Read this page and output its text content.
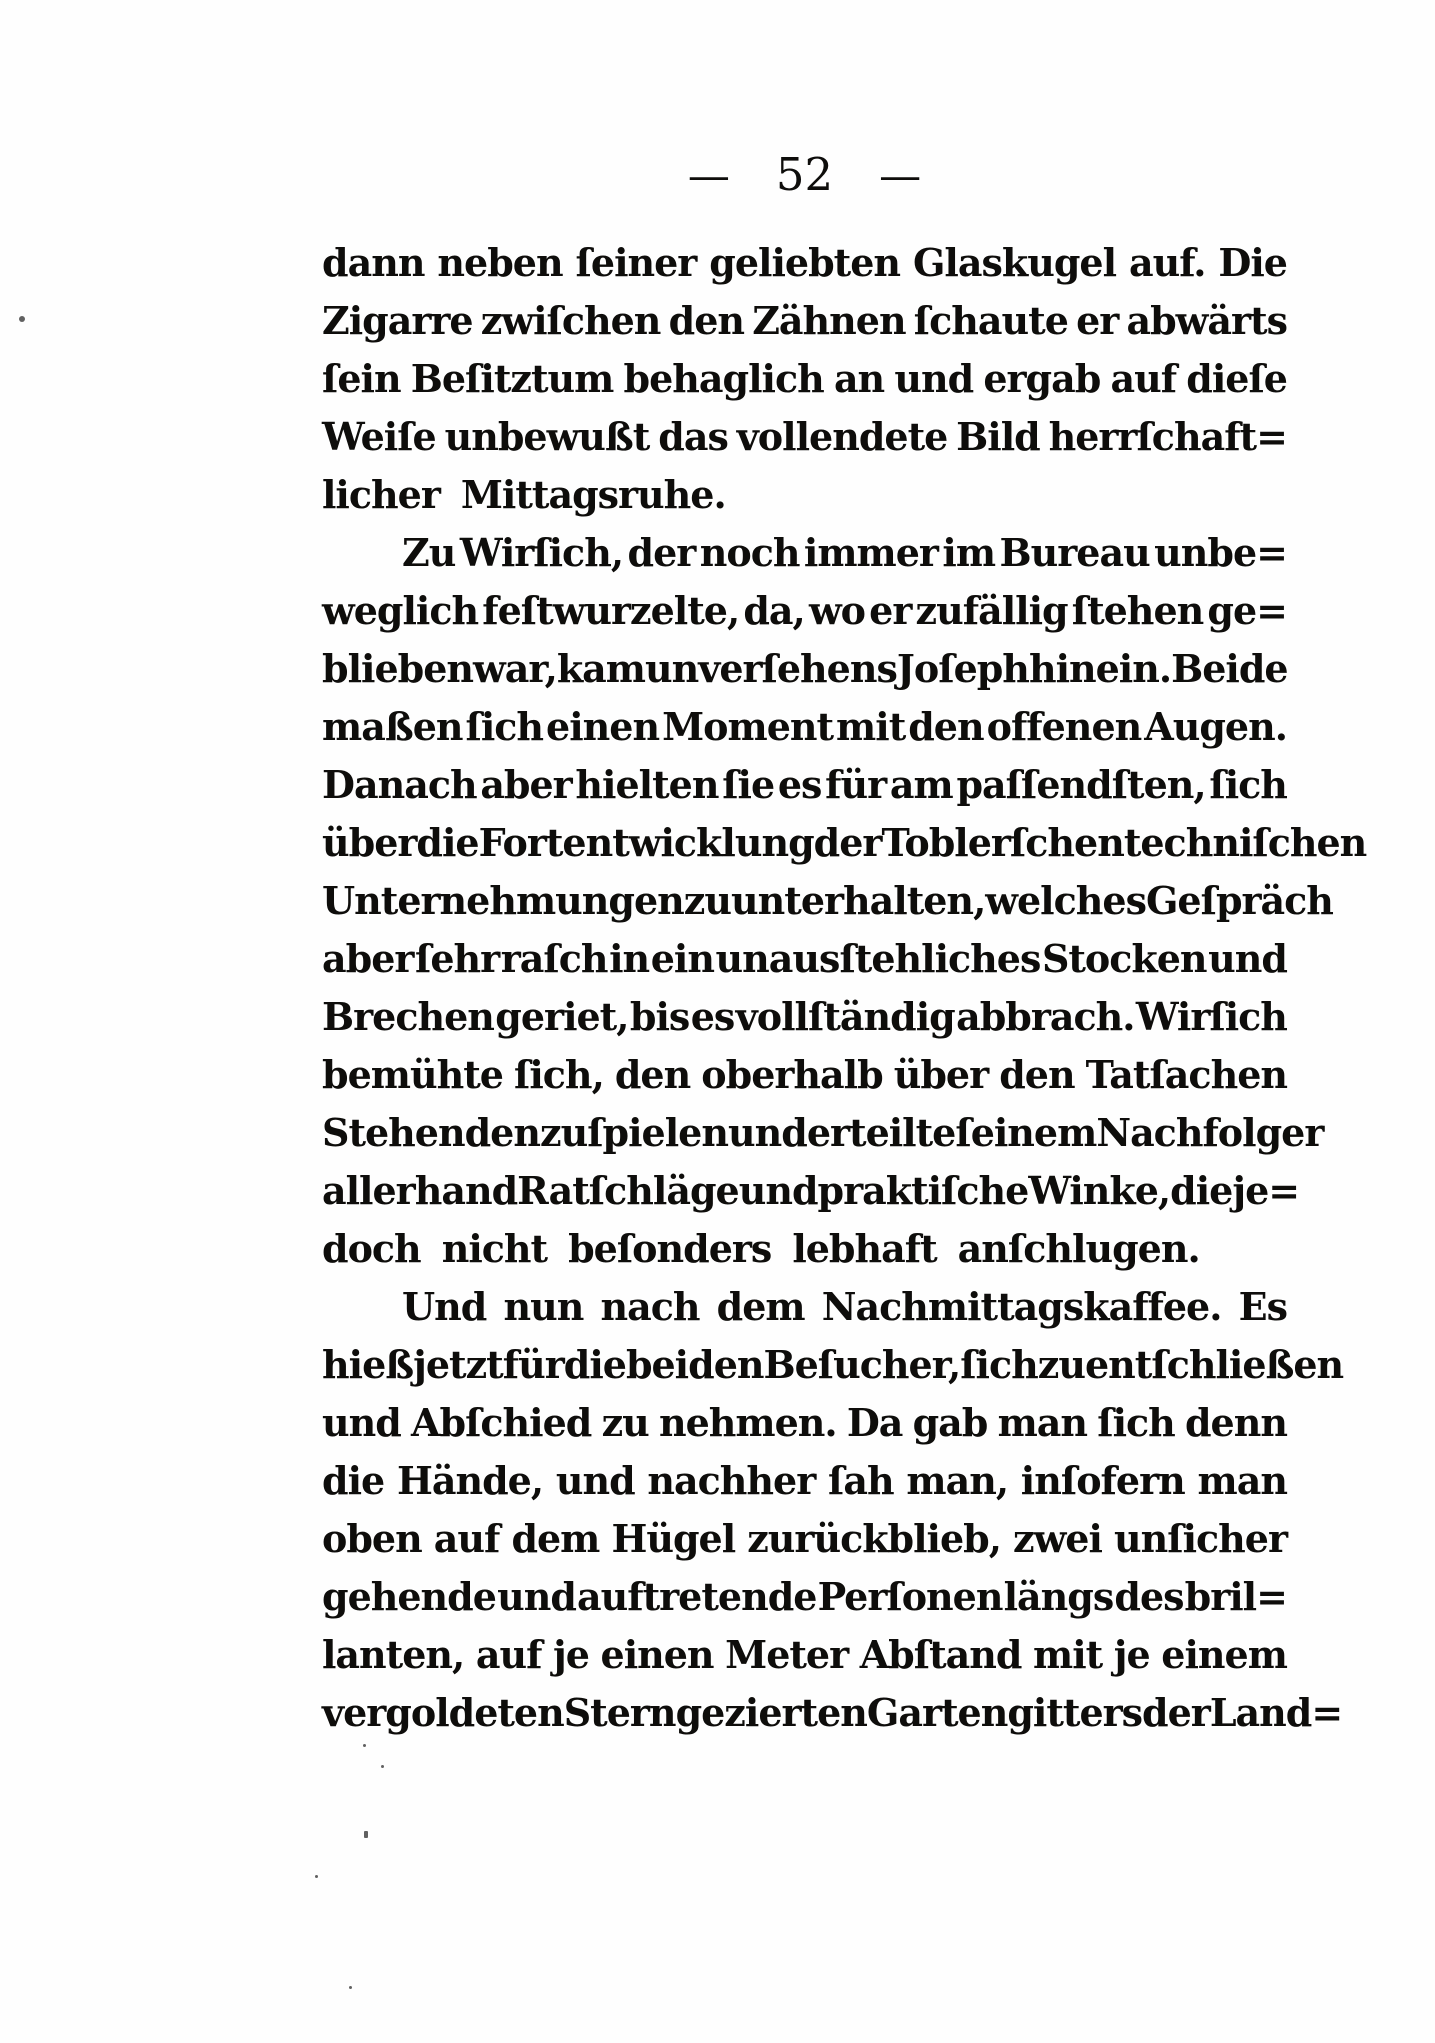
— 52 —
dann neben ſeiner geliebten Glaskugel auf. Die
Zigarre zwiſchen den Zähnen ſchaute er abwärts
ſein Beſitztum behaglich an und ergab auf dieſe
Weiſe unbewußt das vollendete Bild herrſchaft=
licher Mittagsruhe.
Zu Wirſich, der noch immer im Bureau unbe=
weglich feſtwurzelte, da, wo er zufällig ſtehen ge=
blieben war, kam unverſehens Joſeph hinein. Beide
maßen ſich einen Moment mit den offenen Augen.
Danach aber hielten ſie es für am paſſendſten, ſich
über die Fortentwicklung der Toblerſchen techniſchen
Unternehmungen zu unterhalten, welches Geſpräch
aber ſehr raſch in ein unausſtehliches Stocken und
Brechen geriet, bis es vollſtändig abbrach. Wirſich
bemühte ſich, den oberhalb über den Tatſachen
Stehenden zu ſpielen und erteilte ſeinem Nachfolger
allerhand Ratſchläge und praktiſche Winke, die je=
doch nicht beſonders lebhaft anſchlugen.
Und nun nach dem Nachmittagskaffee. Es
hieß jetzt für die beiden Beſucher, ſich zu entſchließen
und Abſchied zu nehmen. Da gab man ſich denn
die Hände, und nachher ſah man, inſofern man
oben auf dem Hügel zurückblieb, zwei unſicher
gehende und auftretende Perſonen längs des bril=
lanten, auf je einen Meter Abſtand mit je einem
vergoldeten Stern gezierten Gartengitters der Land=
